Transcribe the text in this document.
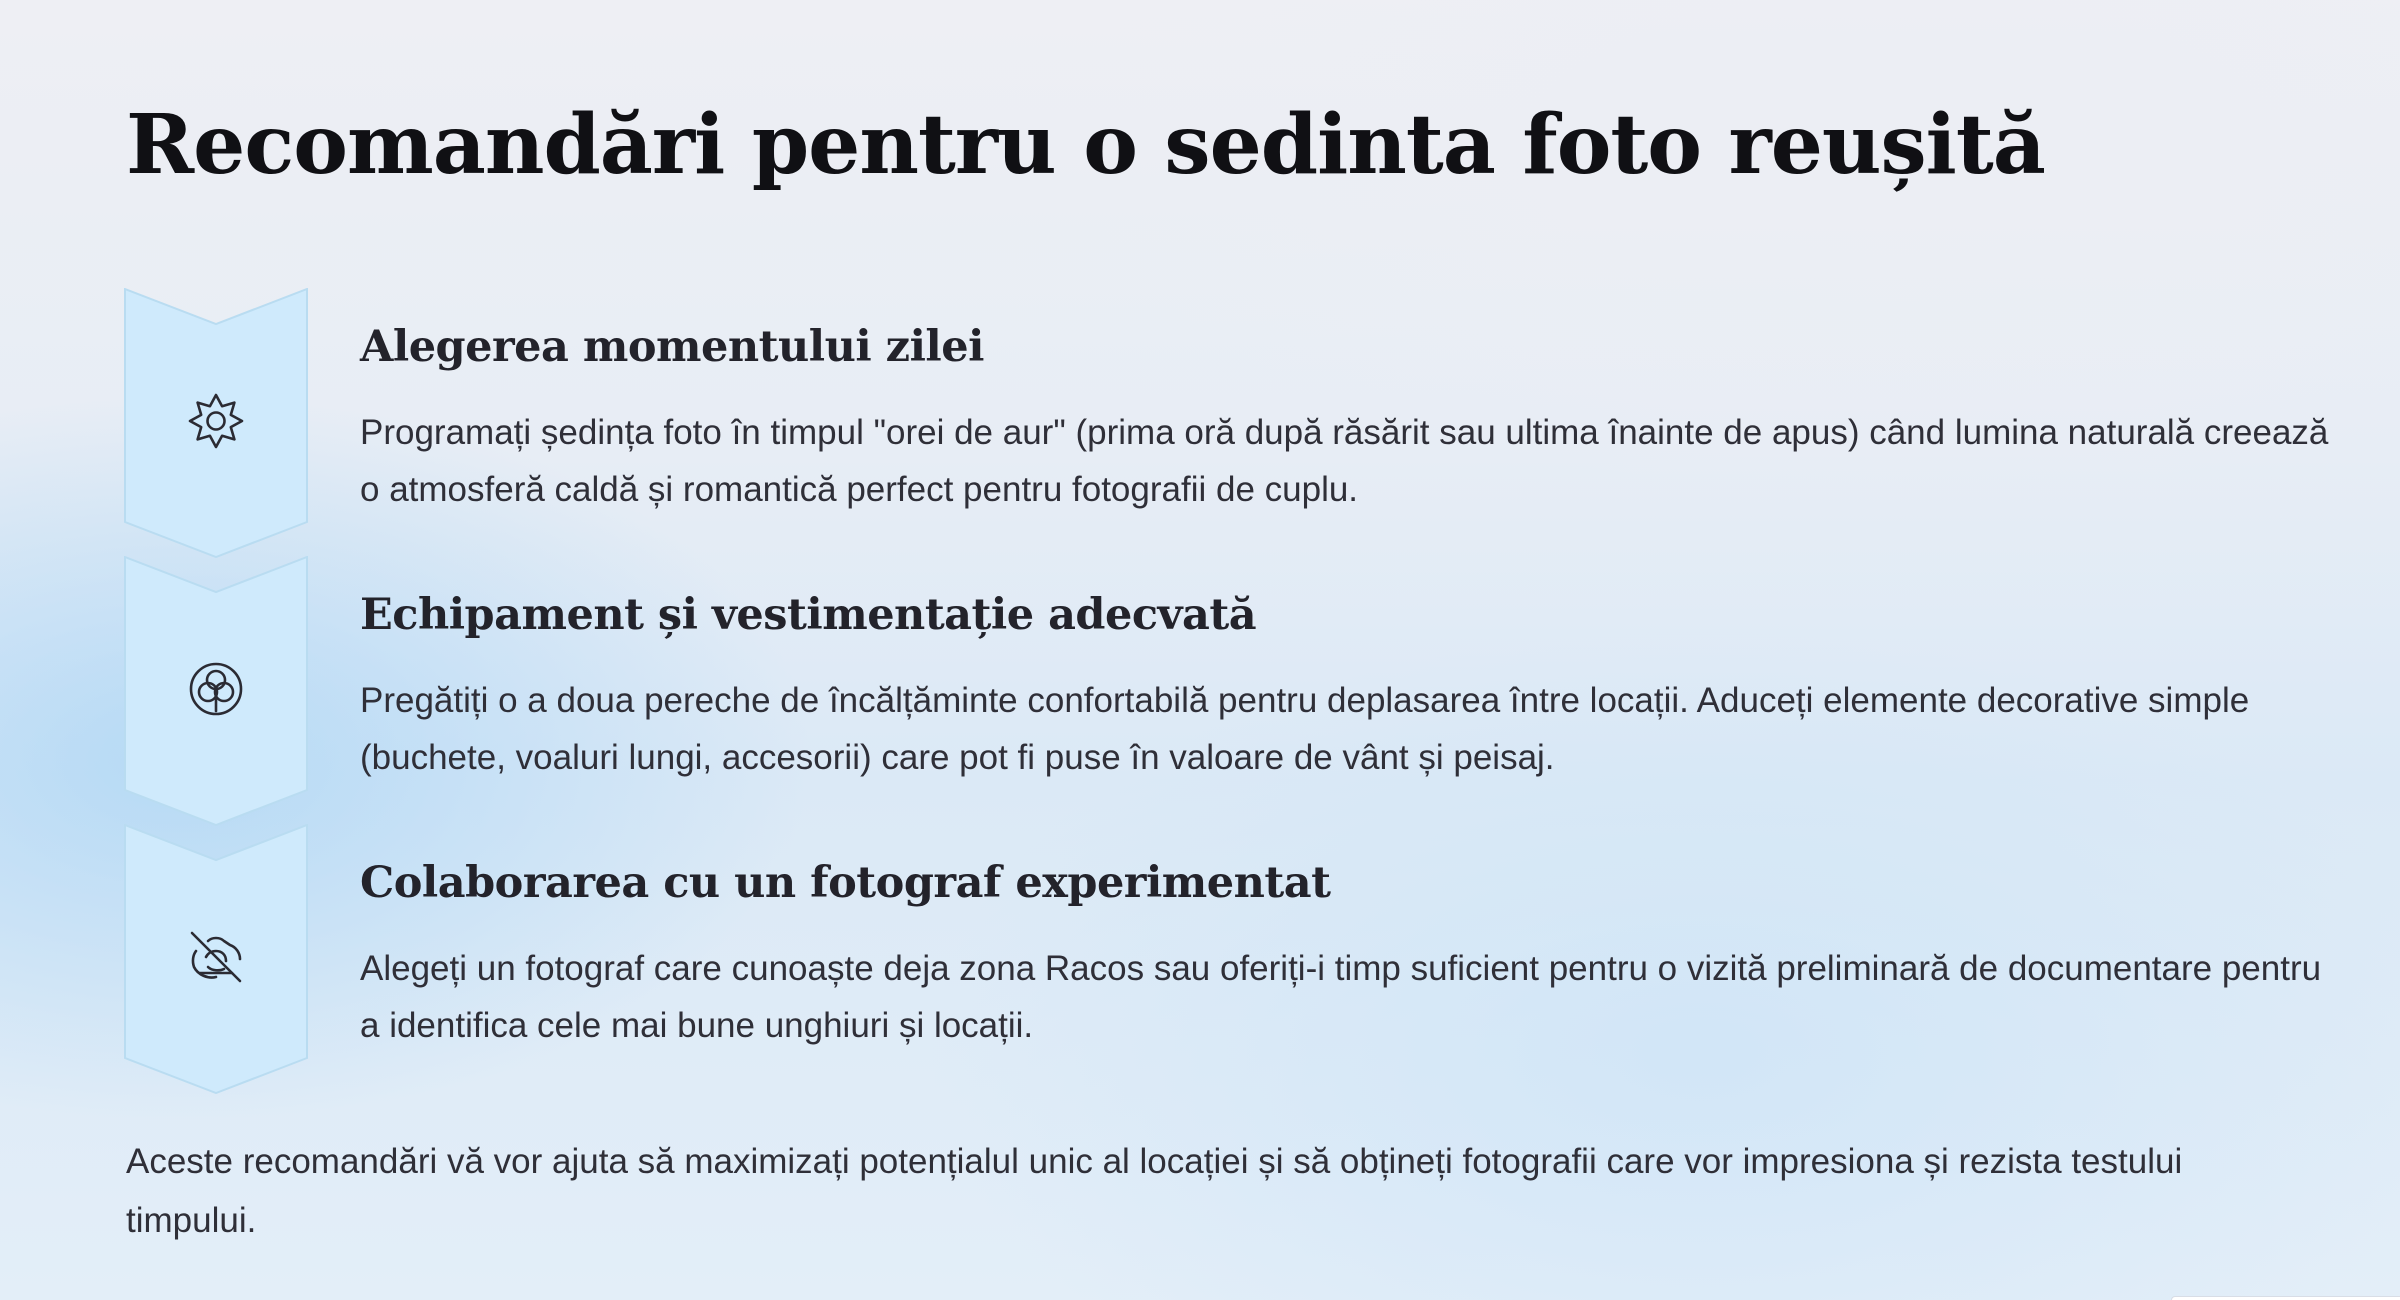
Recomandări pentru o sedinta foto reușită
Alegerea momentului zilei

Programați ședința foto în timpul "orei de aur" (prima oră după răsărit sau ultima înainte de apus) când lumina naturală creează o atmosferă caldă și romantică perfect pentru fotografii de cuplu.

Echipament și vestimentație adecvată

Pregătiți o a doua pereche de încălțăminte confortabilă pentru deplasarea între locații. Aduceți elemente decorative simple (buchete, voaluri lungi, accesorii) care pot fi puse în valoare de vânt și peisaj.

Colaborarea cu un fotograf experimentat

Alegeți un fotograf care cunoaște deja zona Racos sau oferiți-i timp suficient pentru o vizită preliminară de documentare pentru a identifica cele mai bune unghiuri și locații.

Aceste recomandări vă vor ajuta să maximizați potențialul unic al locației și să obțineți fotografii care vor impresiona și rezista testului timpului.
